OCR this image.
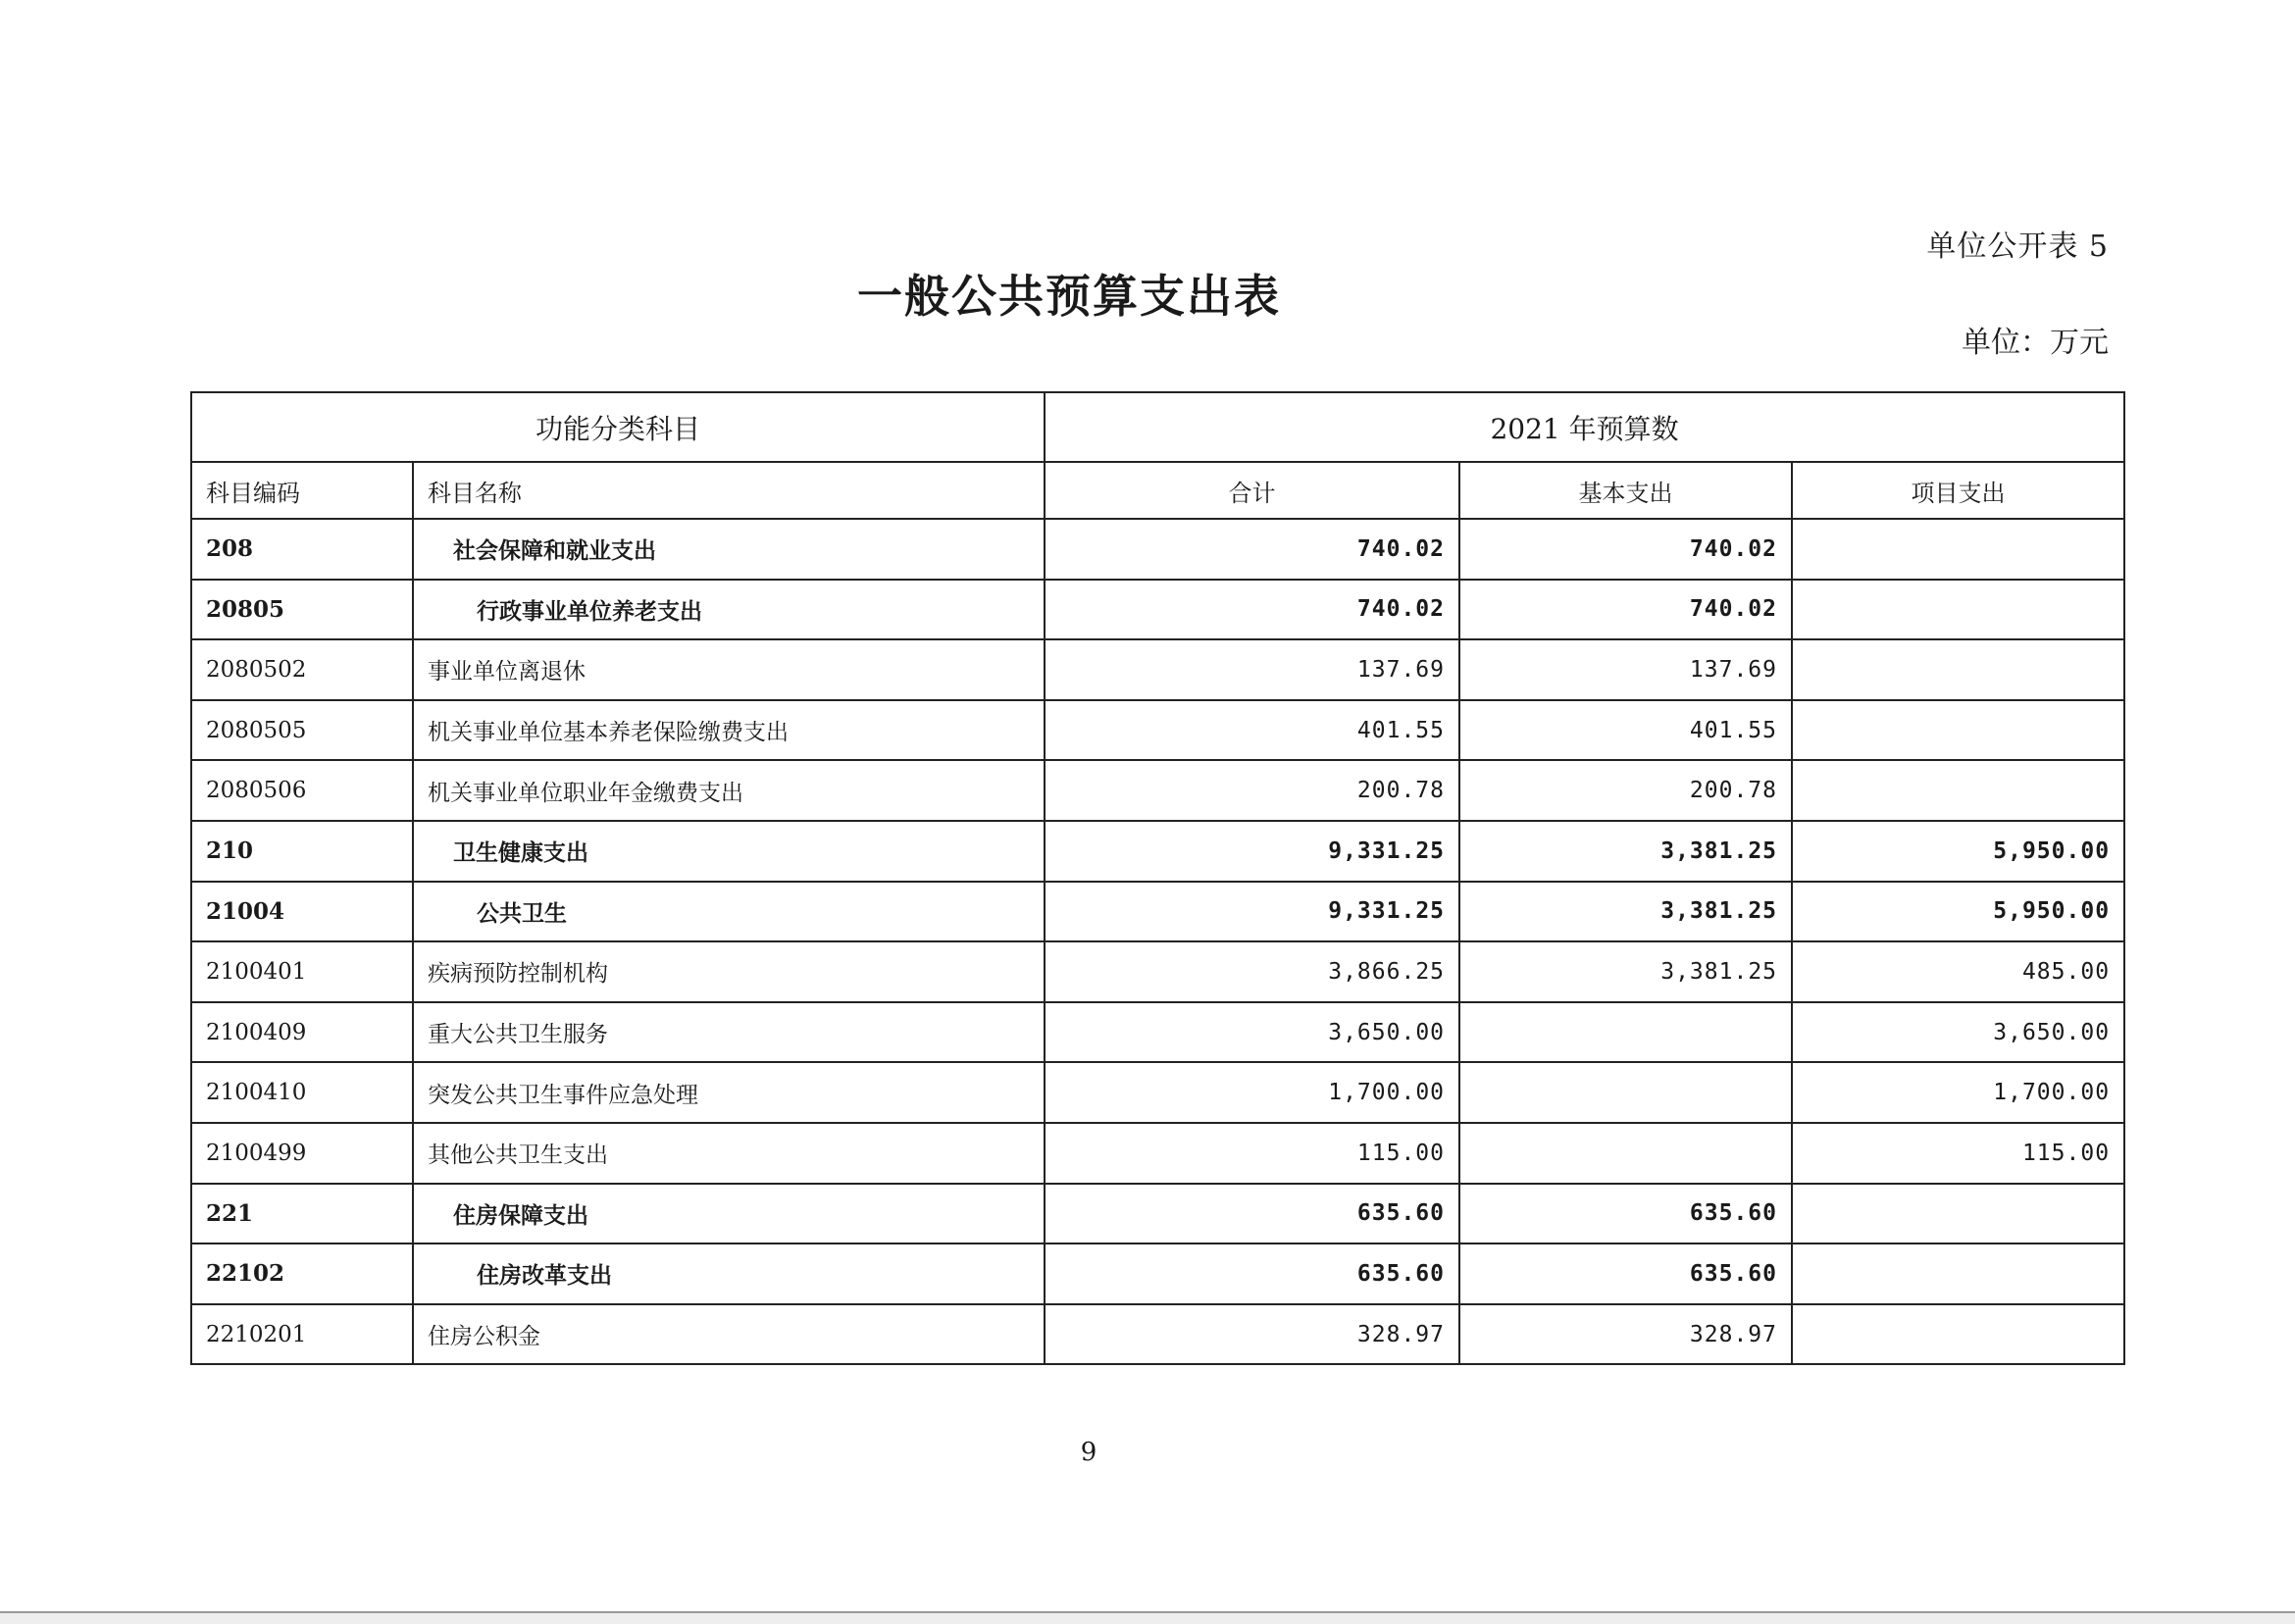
单位公开表 5
一般公共预算支出表
单位：万元
功能分类科目		2021 年预算数		
科目编码	科目名称	合计	基本支出	项目支出
208	社会保障和就业支出	740.02	740.02	
20805	行政事业单位养老支出	740.02	740.02	
2080502	事业单位离退休	137.69	137.69	
2080505	机关事业单位基本养老保险缴费支出	401.55	401.55	
2080506	机关事业单位职业年金缴费支出	200.78	200.78	
210	卫生健康支出	9,331.25	3,381.25	5,950.00
21004	公共卫生	9,331.25	3,381.25	5,950.00
2100401	疾病预防控制机构	3,866.25	3,381.25	485.00
2100409	重大公共卫生服务	3,650.00		3,650.00
2100410	突发公共卫生事件应急处理	1,700.00		1,700.00
2100499	其他公共卫生支出	115.00		115.00
221	住房保障支出	635.60	635.60	
22102	住房改革支出	635.60	635.60	
2210201	住房公积金	328.97	328.97	
9
